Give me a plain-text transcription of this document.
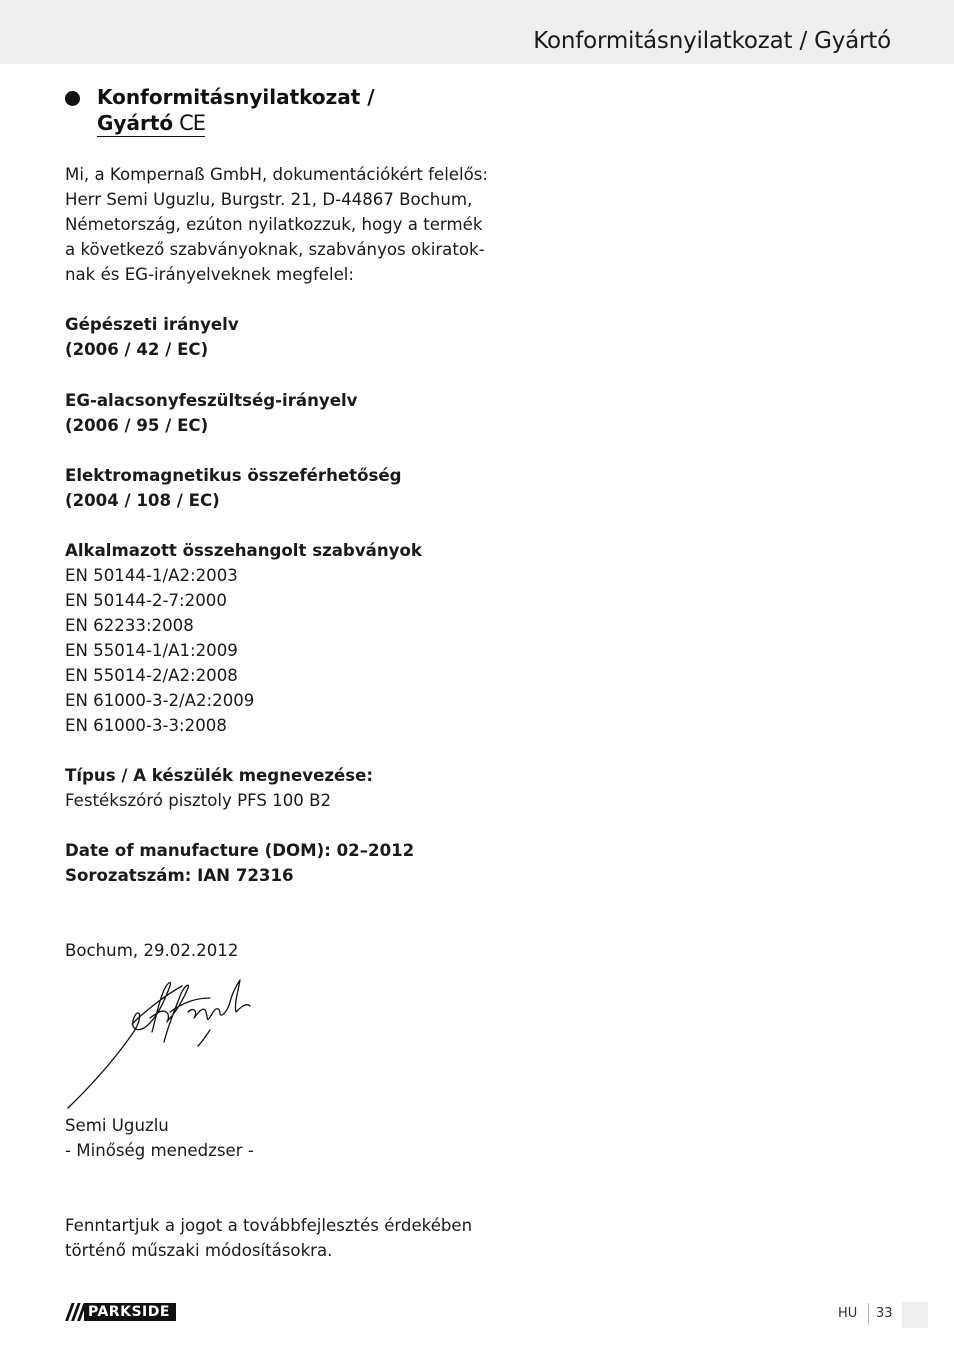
Konformitásnyilatkozat / Gyártó
Konformitásnyilatkozat /
Gyártó CE
Mi, a Kompernaß GmbH, dokumentációkért felelős:
Herr Semi Uguzlu, Burgstr. 21, D-44867 Bochum,
Németország, ezúton nyilatkozzuk, hogy a termék
a következő szabványoknak, szabványos okiratok-
nak és EG-irányelveknek megfelel:
Gépészeti irányelv
(2006 / 42 / EC)
EG-alacsonyfeszültség-irányelv
(2006 / 95 / EC)
Elektromagnetikus összeférhetőség
(2004 / 108 / EC)
Alkalmazott összehangolt szabványok
EN 50144-1/A2:2003
EN 50144-2-7:2000
EN 62233:2008
EN 55014-1/A1:2009
EN 55014-2/A2:2008
EN 61000-3-2/A2:2009
EN 61000-3-3:2008
Típus / A készülék megnevezése:
Festékszóró pisztoly PFS 100 B2
Date of manufacture (DOM): 02–2012
Sorozatszám: IAN 72316
Bochum, 29.02.2012
Semi Uguzlu
- Minőség menedzser -
Fenntartjuk a jogot a továbbfejlesztés érdekében
történő műszaki módosításokra.
PARKSIDE	HU 33
